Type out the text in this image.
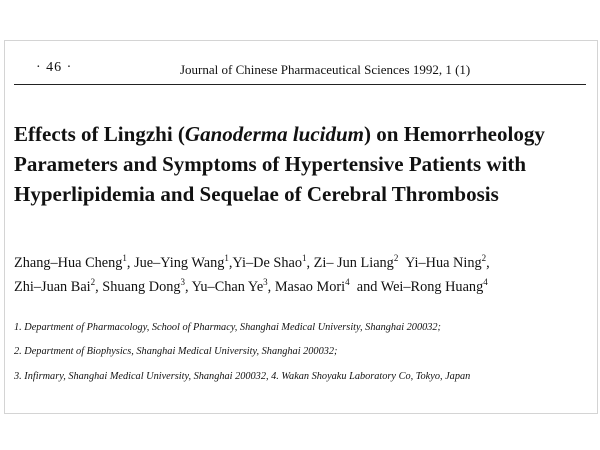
· 46 ·	Journal of Chinese Pharmaceutical Sciences 1992, 1 (1)
Effects of Lingzhi (Ganoderma lucidum) on Hemorrheology Parameters and Symptoms of Hypertensive Patients with Hyperlipidemia and Sequelae of Cerebral Thrombosis
Zhang–Hua Cheng$^1$, Jue–Ying Wang$^1$,Yi–De Shao$^1$, Zi– Jun Liang$^2$ Yi–Hua Ning$^2$,
Zhi–Juan Bai$^2$, Shuang Dong$^3$, Yu–Chan Ye$^3$, Masao Mori$^4$  and Wei–Rong Huang$^4$
1. Department of Pharmacology, School of Pharmacy, Shanghai Medical University, Shanghai 200032;
2. Department of Biophysics, Shanghai Medical University, Shanghai 200032;
3. Infirmary, Shanghai Medical University, Shanghai 200032, 4. Wakan Shoyaku Laboratory Co, Tokyo, Japan
